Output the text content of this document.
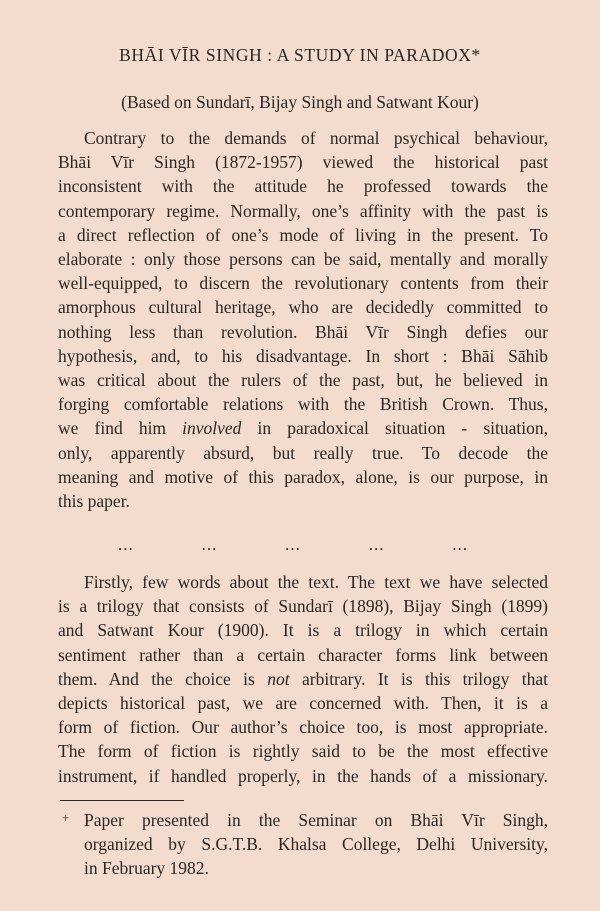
BHĀI VĪR SINGH : A STUDY IN PARADOX*
(Based on Sundarī, Bijay Singh and Satwant Kour)
Contrary to the demands of normal psychical behaviour,
Bhāi Vīr Singh (1872-1957) viewed the historical past
inconsistent with the attitude he professed towards the
contemporary regime. Normally, one’s affinity with the past is
a direct reflection of one’s mode of living in the present. To
elaborate : only those persons can be said, mentally and morally
well-equipped, to discern the revolutionary contents from their
amorphous cultural heritage, who are decidedly committed to
nothing less than revolution. Bhāi Vīr Singh defies our
hypothesis, and, to his disadvantage. In short : Bhāi Sāhib
was critical about the rulers of the past, but, he believed in
forging comfortable relations with the British Crown. Thus,
we find him involved in paradoxical situation - situation,
only, apparently absurd, but really true. To decode the
meaning and motive of this paradox, alone, is our purpose, in
this paper.
...	...	...	...	...
Firstly, few words about the text. The text we have selected
is a trilogy that consists of Sundarī (1898), Bijay Singh (1899)
and Satwant Kour (1900). It is a trilogy in which certain
sentiment rather than a certain character forms link between
them. And the choice is not arbitrary. It is this trilogy that
depicts historical past, we are concerned with. Then, it is a
form of fiction. Our author’s choice too, is most appropriate.
The form of fiction is rightly said to be the most effective
instrument, if handled properly, in the hands of a missionary.
+ Paper presented in the Seminar on Bhāi Vīr Singh,
organized by S.G.T.B. Khalsa College, Delhi University,
in February 1982.
